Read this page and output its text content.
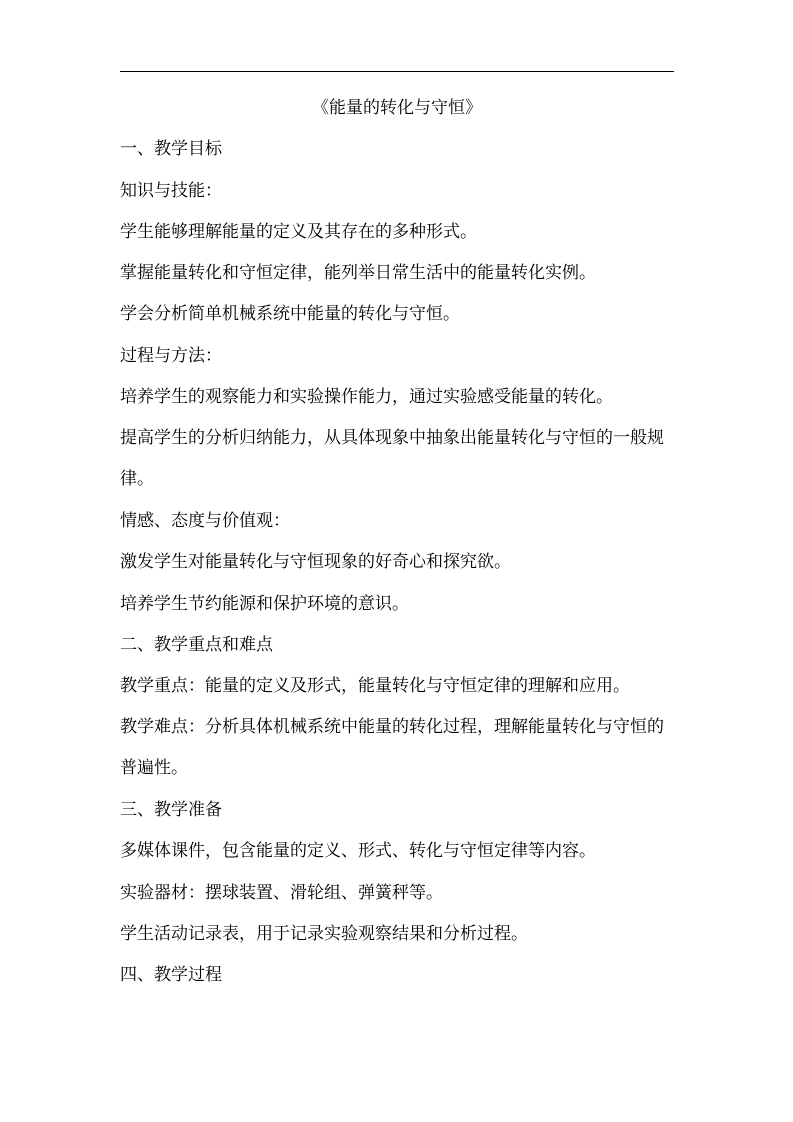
《能量的转化与守恒》
一、教学目标
知识与技能：
学生能够理解能量的定义及其存在的多种形式。
掌握能量转化和守恒定律，能列举日常生活中的能量转化实例。
学会分析简单机械系统中能量的转化与守恒。
过程与方法：
培养学生的观察能力和实验操作能力，通过实验感受能量的转化。
提高学生的分析归纳能力，从具体现象中抽象出能量转化与守恒的一般规律。
情感、态度与价值观：
激发学生对能量转化与守恒现象的好奇心和探究欲。
培养学生节约能源和保护环境的意识。
二、教学重点和难点
教学重点：能量的定义及形式，能量转化与守恒定律的理解和应用。
教学难点：分析具体机械系统中能量的转化过程，理解能量转化与守恒的普遍性。
三、教学准备
多媒体课件，包含能量的定义、形式、转化与守恒定律等内容。
实验器材：摆球装置、滑轮组、弹簧秤等。
学生活动记录表，用于记录实验观察结果和分析过程。
四、教学过程
